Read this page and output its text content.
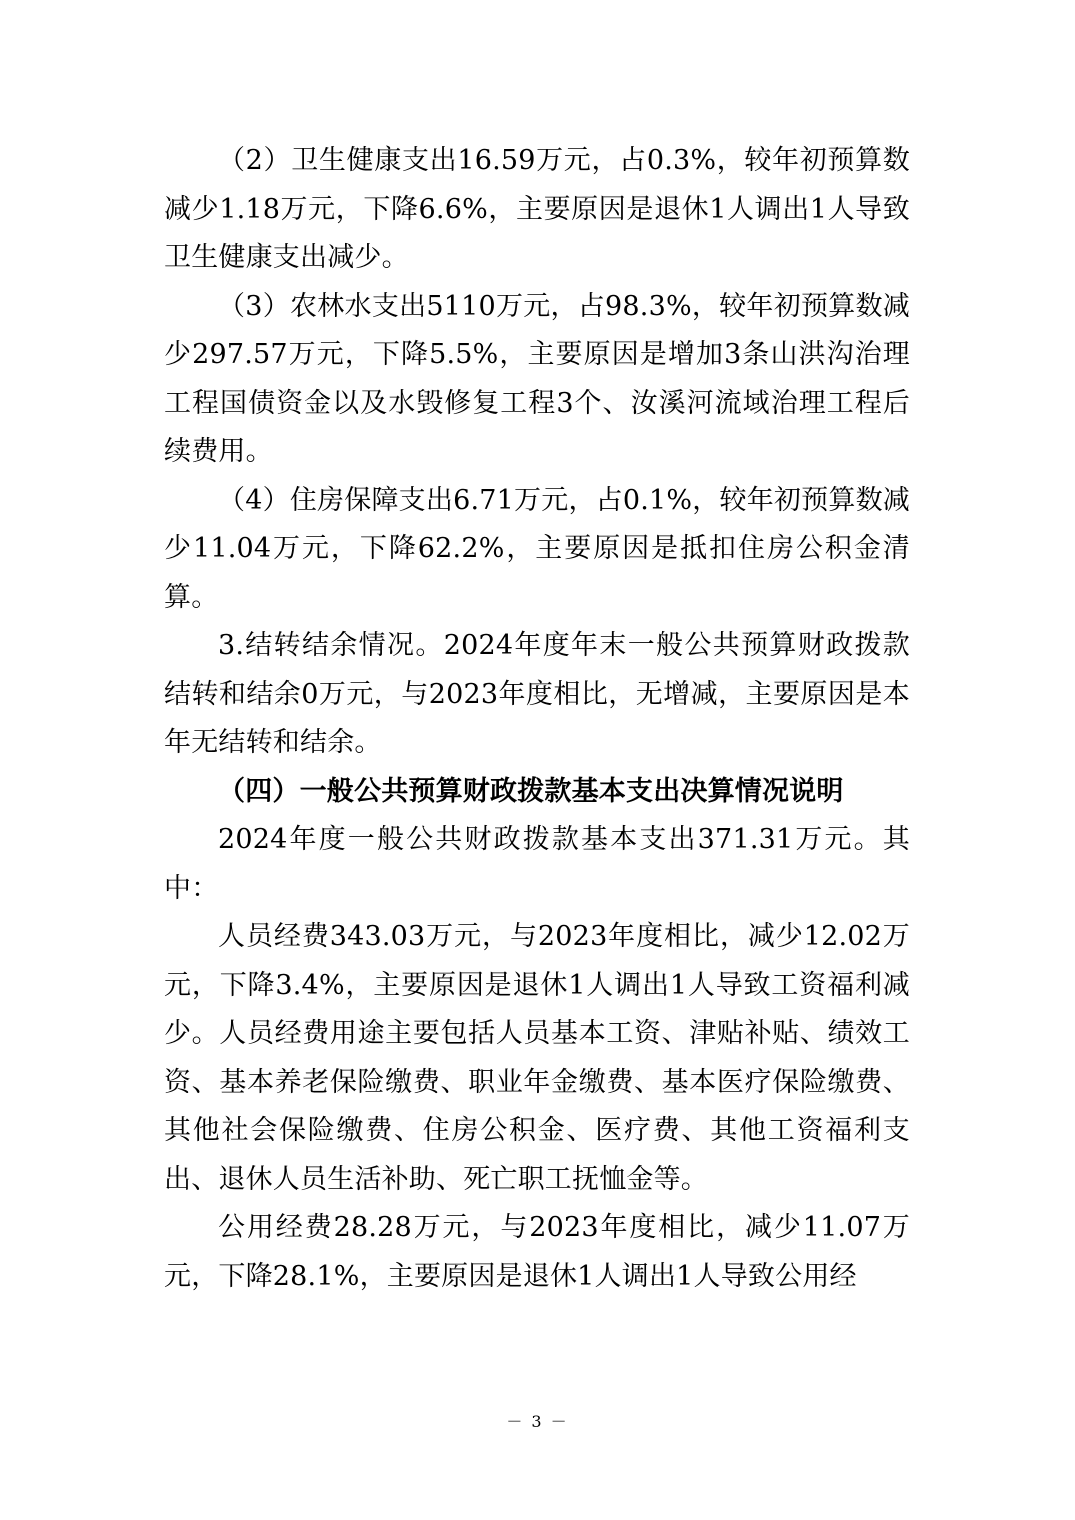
（2）卫生健康支出16.59万元，占0.3%，较年初预算数减少1.18万元，下降6.6%，主要原因是退休1人调出1人导致卫生健康支出减少。

（3）农林水支出5110万元，占98.3%，较年初预算数减少297.57万元，下降5.5%，主要原因是增加3条山洪沟治理工程国债资金以及水毁修复工程3个、汝溪河流域治理工程后续费用。

（4）住房保障支出6.71万元，占0.1%，较年初预算数减少11.04万元，下降62.2%，主要原因是抵扣住房公积金清算。

3.结转结余情况。2024年度年末一般公共预算财政拨款结转和结余0万元，与2023年度相比，无增减，主要原因是本年无结转和结余。

（四）一般公共预算财政拨款基本支出决算情况说明

2024年度一般公共财政拨款基本支出371.31万元。其中：

人员经费343.03万元，与2023年度相比，减少12.02万元，下降3.4%，主要原因是退休1人调出1人导致工资福利减少。人员经费用途主要包括人员基本工资、津贴补贴、绩效工资、基本养老保险缴费、职业年金缴费、基本医疗保险缴费、其他社会保险缴费、住房公积金、医疗费、其他工资福利支出、退休人员生活补助、死亡职工抚恤金等。

公用经费28.28万元，与2023年度相比，减少11.07万元，下降28.1%，主要原因是退休1人调出1人导致公用经

－ 3 －
